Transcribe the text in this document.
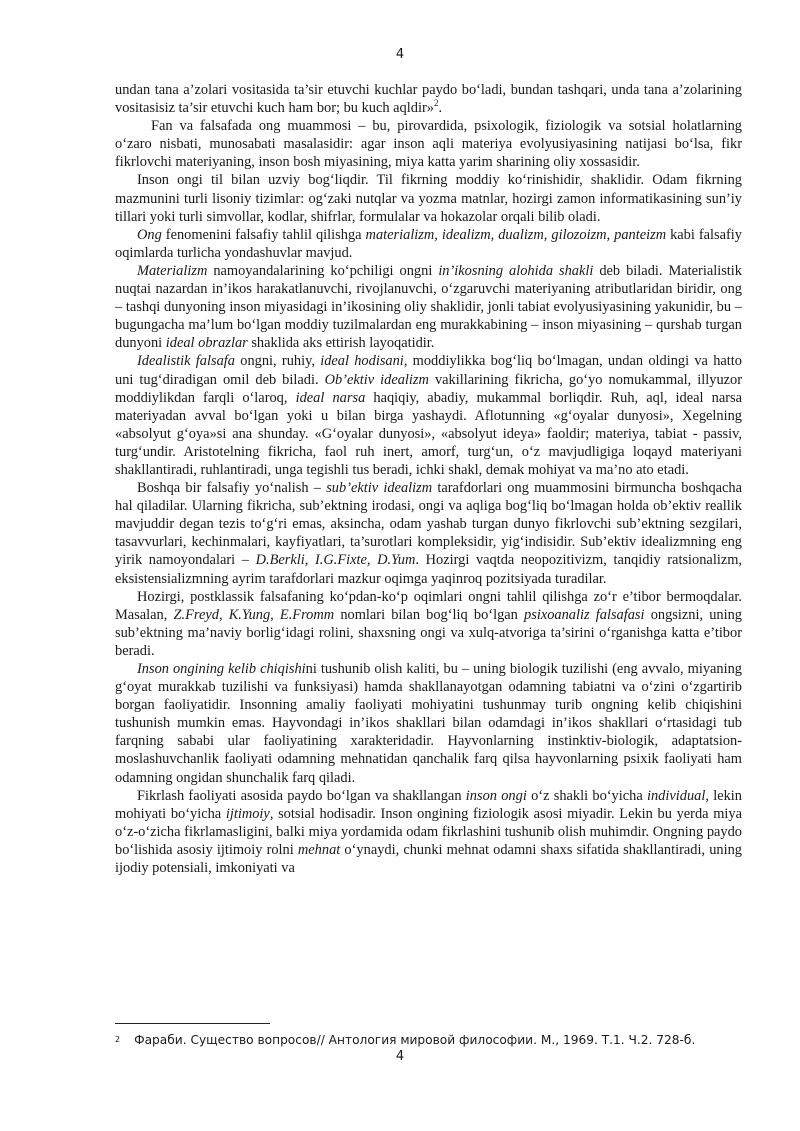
4

undan tana a’zolari vositasida ta’sir etuvchi kuchlar paydo bo‘ladi, bundan tashqari, unda tana a’zolarining vositasisiz ta’sir etuvchi kuch ham bor; bu kuch aqldir»$^2$.

Fan va falsafada ong muammosi – bu, pirovardida, psixologik, fiziologik va sotsial holatlarning o‘zaro nisbati, munosabati masalasidir: agar inson aqli materiya evolyusiyasining natijasi bo‘lsa, fikr fikrlovchi materiyaning, inson bosh miyasining, miya katta yarim sharining oliy xossasidir.

Inson ongi til bilan uzviy bog‘liqdir. Til fikrning moddiy ko‘rinishidir, shaklidir. Odam fikrning mazmunini turli lisoniy tizimlar: og‘zaki nutqlar va yozma matnlar, hozirgi zamon informatikasining sun’iy tillari yoki turli simvollar, kodlar, shifrlar, formulalar va hokazolar orqali bilib oladi.

Ong fenomenini falsafiy tahlil qilishga materializm, idealizm, dualizm, gilozoizm, panteizm kabi falsafiy oqimlarda turlicha yondashuvlar mavjud.

Materializm namoyandalarining ko‘pchiligi ongni in’ikosning alohida shakli deb biladi. Materialistik nuqtai nazardan in’ikos harakatlanuvchi, rivojlanuvchi, o‘zgaruvchi materiyaning atributlaridan biridir, ong – tashqi dunyoning inson miyasidagi in’ikosining oliy shaklidir, jonli tabiat evolyusiyasining yakunidir, bu – bugungacha ma’lum bo‘lgan moddiy tuzilmalardan eng murakkabining – inson miyasining – qurshab turgan dunyoni ideal obrazlar shaklida aks ettirish layoqatidir.

Idealistik falsafa ongni, ruhiy, ideal hodisani, moddiylikka bog‘liq bo‘lmagan, undan oldingi va hatto uni tug‘diradigan omil deb biladi. Ob’ektiv idealizm vakillarining fikricha, go‘yo nomukammal, illyuzor moddiylikdan farqli o‘laroq, ideal narsa haqiqiy, abadiy, mukammal borliqdir. Ruh, aql, ideal narsa materiyadan avval bo‘lgan yoki u bilan birga yashaydi. Aflotunning «g‘oyalar dunyosi», Xegelning «absolyut g‘oya»si ana shunday. «G‘oyalar dunyosi», «absolyut ideya» faoldir; materiya, tabiat - passiv, turg‘undir. Aristotelning fikricha, faol ruh inert, amorf, turg‘un, o‘z mavjudligiga loqayd materiyani shakllantiradi, ruhlantiradi, unga tegishli tus beradi, ichki shakl, demak mohiyat va ma’no ato etadi.

Boshqa bir falsafiy yo‘nalish – sub’ektiv idealizm tarafdorlari ong muammosini birmuncha boshqacha hal qiladilar. Ularning fikricha, sub’ektning irodasi, ongi va aqliga bog‘liq bo‘lmagan holda ob’ektiv reallik mavjuddir degan tezis to‘g‘ri emas, aksincha, odam yashab turgan dunyo fikrlovchi sub’ektning sezgilari, tasavvurlari, kechinmalari, kayfiyatlari, ta’surotlari kompleksidir, yig‘indisidir. Sub’ektiv idealizmning eng yirik namoyondalari – D.Berkli, I.G.Fixte, D.Yum. Hozirgi vaqtda neopozitivizm, tanqidiy ratsionalizm, eksistensializmning ayrim tarafdorlari mazkur oqimga yaqinroq pozitsiyada turadilar.

Hozirgi, postklassik falsafaning ko‘pdan-ko‘p oqimlari ongni tahlil qilishga zo‘r e’tibor bermoqdalar. Masalan, Z.Freyd, K.Yung, E.Fromm nomlari bilan bog‘liq bo‘lgan psixoanaliz falsafasi ongsizni, uning sub’ektning ma’naviy borlig‘idagi rolini, shaxsning ongi va xulq-atvoriga ta’sirini o‘rganishga katta e’tibor beradi.

Inson ongining kelib chiqishini tushunib olish kaliti, bu – uning biologik tuzilishi (eng avvalo, miyaning g‘oyat murakkab tuzilishi va funksiyasi) hamda shakllanayotgan odamning tabiatni va o‘zini o‘zgartirib borgan faoliyatidir. Insonning amaliy faoliyati mohiyatini tushunmay turib ongning kelib chiqishini tushunish mumkin emas. Hayvondagi in’ikos shakllari bilan odamdagi in’ikos shakllari o‘rtasidagi tub farqning sababi ular faoliyatining xarakteridadir. Hayvonlarning instinktiv-biologik, adaptatsion-moslashuvchanlik faoliyati odamning mehnatidan qanchalik farq qilsa hayvonlarning psixik faoliyati ham odamning ongidan shunchalik farq qiladi.

Fikrlash faoliyati asosida paydo bo‘lgan va shakllangan inson ongi o‘z shakli bo‘yicha individual, lekin mohiyati bo‘yicha ijtimoiy, sotsial hodisadir. Inson ongining fiziologik asosi miyadir. Lekin bu yerda miya o‘z-o‘zicha fikrlamasligini, balki miya yordamida odam fikrlashini tushunib olish muhimdir. Ongning paydo bo‘lishida asosiy ijtimoiy rolni mehnat o‘ynaydi, chunki mehnat odamni shaxs sifatida shakllantiradi, uning ijodiy potensiali, imkoniyati va

$^2$ Фараби. Существо вопросов// Антология мировой философии. М., 1969. Т.1. Ч.2. 728-б.
4
